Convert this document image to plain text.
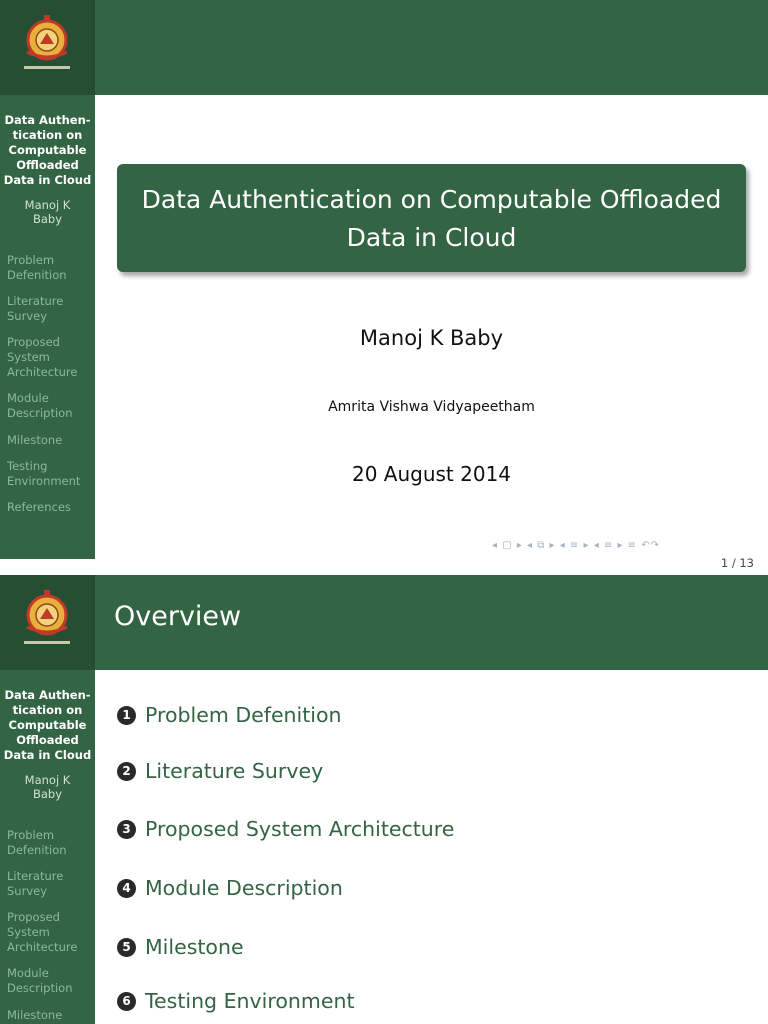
Data Authen-
tication on
Computable
Offloaded
Data in Cloud
Manoj K
Baby
Problem
Defenition
Literature
Survey
Proposed
System
Architecture
Module
Description
Milestone
Testing
Environment
References
Data Authentication on Computable Offloaded
Data in Cloud
Manoj K Baby
Amrita Vishwa Vidyapeetham
20 August 2014
◂ ▢ ▸ ◂ ⧉ ▸ ◂ ≡ ▸ ◂ ≡ ▸ ≡ ↶↷
1 / 13
Overview
Data Authen-
tication on
Computable
Offloaded
Data in Cloud
Manoj K
Baby
Problem
Defenition
Literature
Survey
Proposed
System
Architecture
Module
Description
Milestone
1 Problem Defenition
2 Literature Survey
3 Proposed System Architecture
4 Module Description
5 Milestone
6 Testing Environment
